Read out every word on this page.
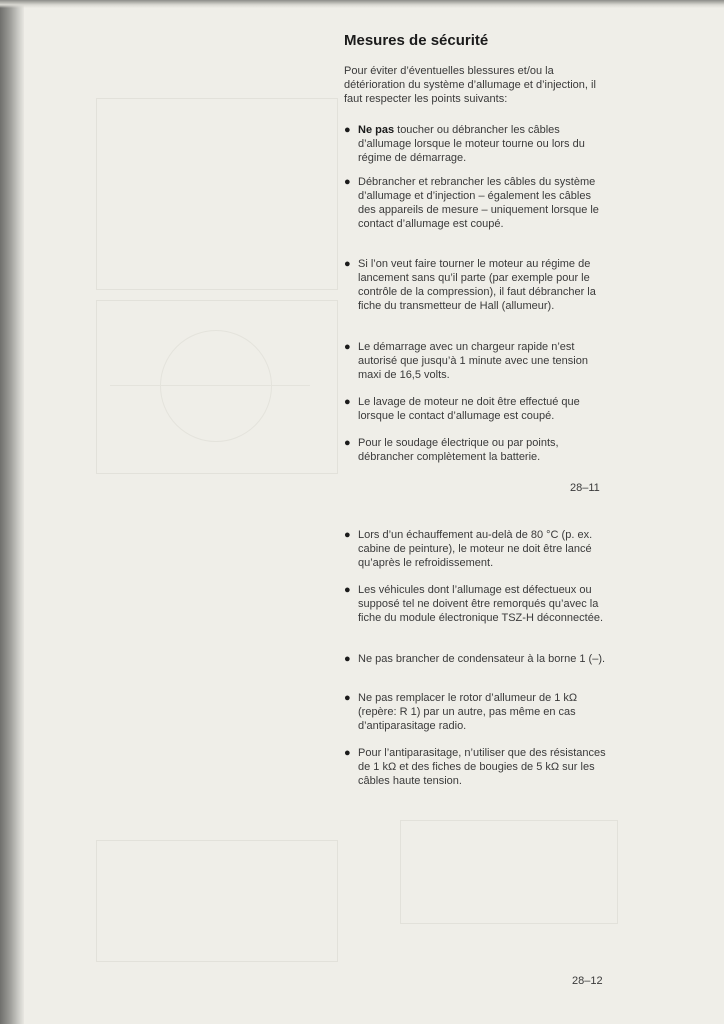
Mesures de sécurité

Pour éviter d’éventuelles blessures et/ou la détérioration du système d’allumage et d’injection, il faut respecter les points suivants:

● Ne pas toucher ou débrancher les câbles d’allumage lorsque le moteur tourne ou lors du régime de démarrage.
● Débrancher et rebrancher les câbles du système d’allumage et d’injection – également les câbles des appareils de mesure – uniquement lorsque le contact d’allumage est coupé.
● Si l’on veut faire tourner le moteur au régime de lancement sans qu’il parte (par exemple pour le contrôle de la compression), il faut débrancher la fiche du transmetteur de Hall (allumeur).
● Le démarrage avec un chargeur rapide n’est autorisé que jusqu’à 1 minute avec une tension maxi de 16,5 volts.
● Le lavage de moteur ne doit être effectué que lorsque le contact d’allumage est coupé.
● Pour le soudage électrique ou par points, débrancher complètement la batterie.
28–11
● Lors d’un échauffement au-delà de 80 °C (p. ex. cabine de peinture), le moteur ne doit être lancé qu’après le refroidissement.
● Les véhicules dont l’allumage est défectueux ou supposé tel ne doivent être remorqués qu’avec la fiche du module électronique TSZ-H déconnectée.
● Ne pas brancher de condensateur à la borne 1 (–).
● Ne pas remplacer le rotor d’allumeur de 1 kΩ (repère: R 1) par un autre, pas même en cas d’antiparasitage radio.
● Pour l’antiparasitage, n’utiliser que des résistances de 1 kΩ et des fiches de bougies de 5 kΩ sur les câbles haute tension.
28–12
